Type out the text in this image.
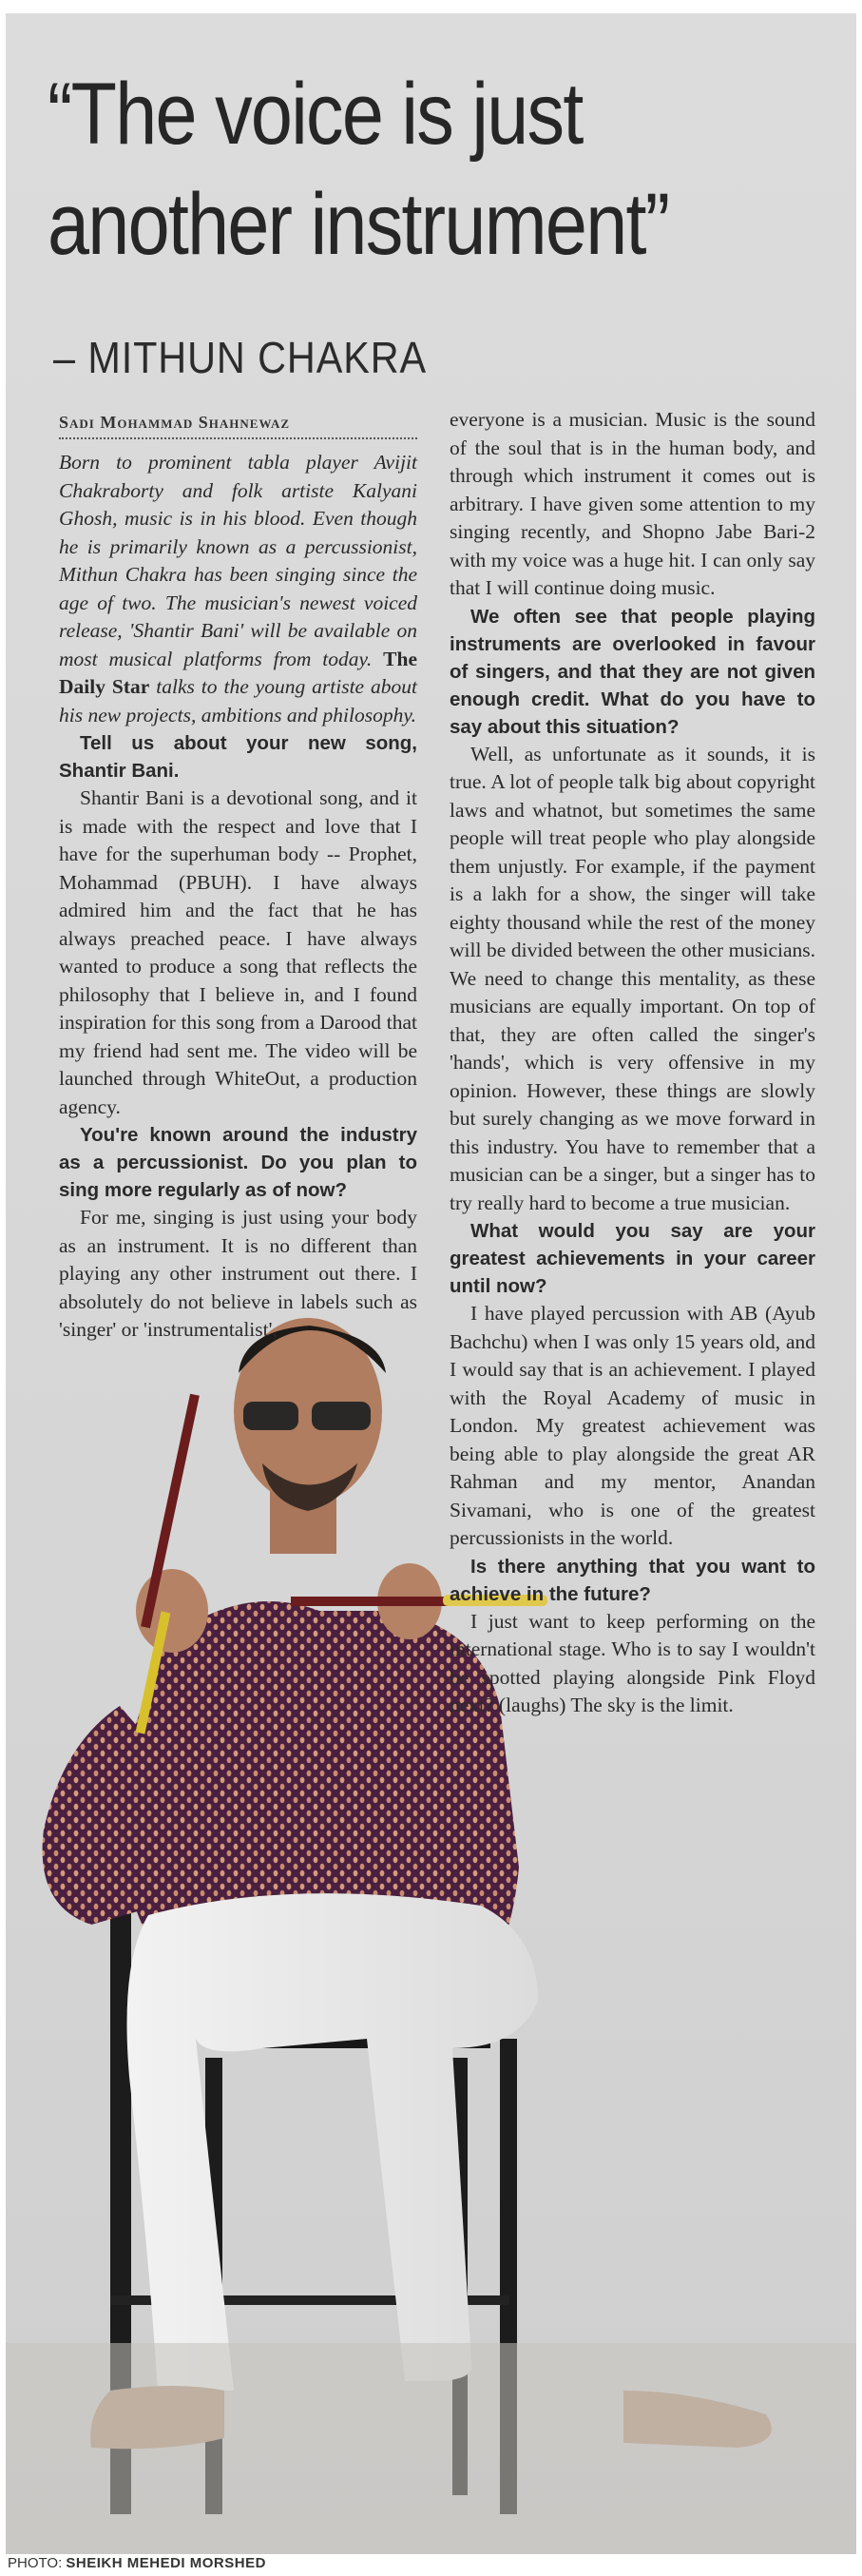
“The voice is just
another instrument”
– MITHUN CHAKRA
Sadi Mohammad Shahnewaz

Born to prominent tabla player Avijit Chakraborty and folk artiste Kalyani Ghosh, music is in his blood. Even though he is primarily known as a percussionist, Mithun Chakra has been singing since the age of two. The musician's newest voiced release, 'Shantir Bani' will be available on most musical platforms from today. The Daily Star talks to the young artiste about his new projects, ambitions and philosophy.

Tell us about your new song, Shantir Bani.

Shantir Bani is a devotional song, and it is made with the respect and love that I have for the superhuman body -- Prophet, Mohammad (PBUH). I have always admired him and the fact that he has always preached peace. I have always wanted to produce a song that reflects the philosophy that I believe in, and I found inspiration for this song from a Darood that my friend had sent me. The video will be launched through WhiteOut, a production agency.

You're known around the industry as a percussionist. Do you plan to sing more regularly as of now?

For me, singing is just using your body as an instrument. It is no different than playing any other instrument out there. I absolutely do not believe in labels such as 'singer' or 'instrumentalist',

everyone is a musician. Music is the sound of the soul that is in the human body, and through which instrument it comes out is arbitrary. I have given some attention to my singing recently, and Shopno Jabe Bari-2 with my voice was a huge hit. I can only say that I will continue doing music.

We often see that people playing instruments are overlooked in favour of singers, and that they are not given enough credit. What do you have to say about this situation?

Well, as unfortunate as it sounds, it is true. A lot of people talk big about copyright laws and whatnot, but sometimes the same people will treat people who play alongside them unjustly. For example, if the payment is a lakh for a show, the singer will take eighty thousand while the rest of the money will be divided between the other musicians. We need to change this mentality, as these musicians are equally important. On top of that, they are often called the singer's 'hands', which is very offensive in my opinion. However, these things are slowly but surely changing as we move forward in this industry. You have to remember that a musician can be a singer, but a singer has to try really hard to become a true musician.

What would you say are your greatest achievements in your career until now?

I have played percussion with AB (Ayub Bachchu) when I was only 15 years old, and I would say that is an achievement. I played with the Royal Academy of music in London. My greatest achievement was being able to play alongside the great AR Rahman and my mentor, Anandan Sivamani, who is one of the greatest percussionists in the world.

Is there anything that you want to achieve in the future?

I just want to keep performing on the international stage. Who is to say I wouldn't be spotted playing alongside Pink Floyd next? (laughs) The sky is the limit.

PHOTO: SHEIKH MEHEDI MORSHED
